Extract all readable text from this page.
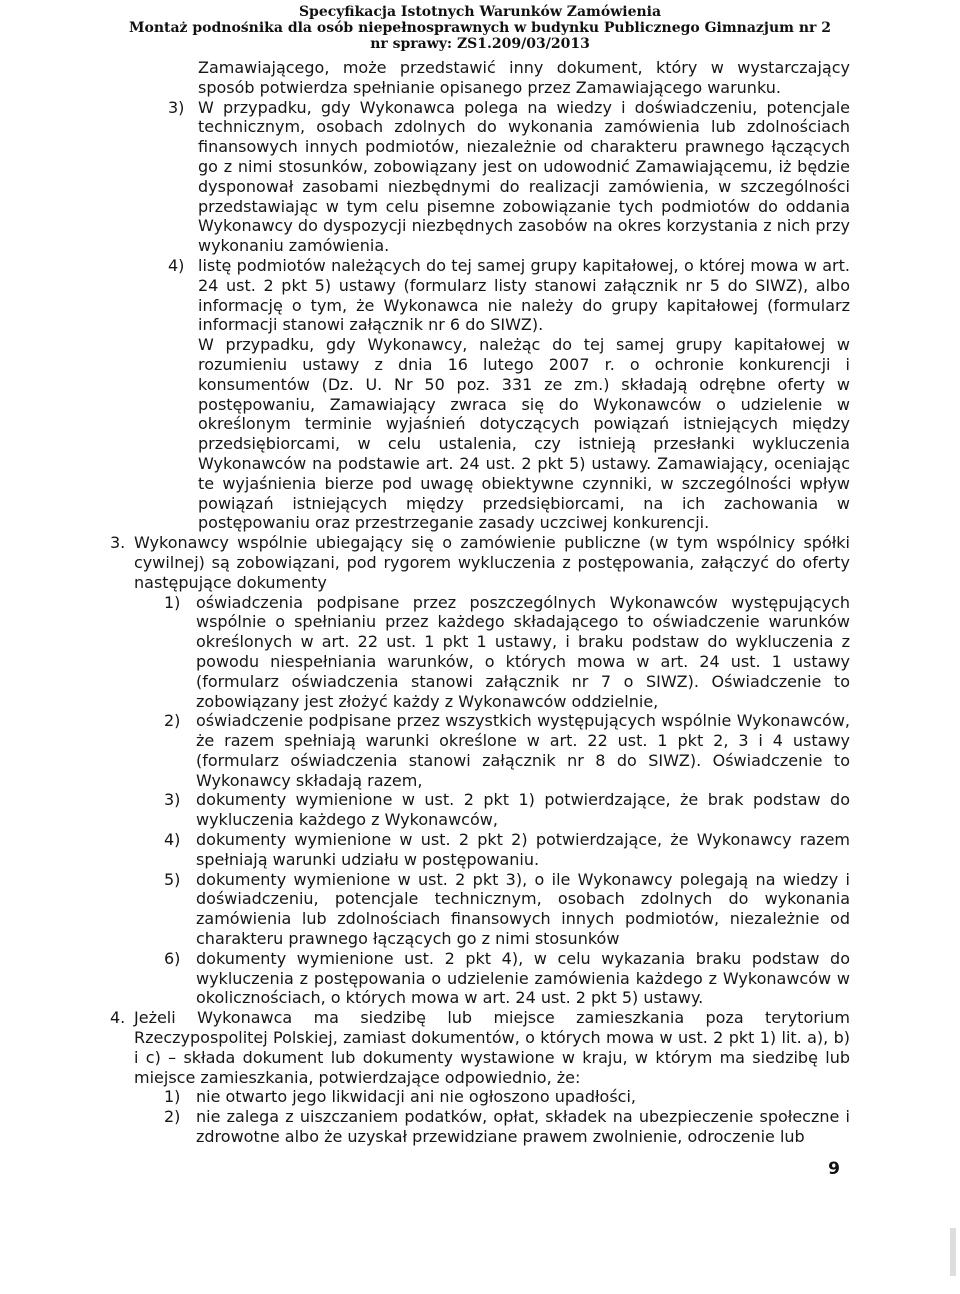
Specyfikacja Istotnych Warunków Zamówienia
Montaż podnośnika dla osób niepełnosprawnych w budynku Publicznego Gimnazjum nr 2
nr sprawy: ZS1.209/03/2013

Zamawiającego, może przedstawić inny dokument, który w wystarczający sposób potwierdza spełnianie opisanego przez Zamawiającego warunku.

3) W przypadku, gdy Wykonawca polega na wiedzy i doświadczeniu, potencjale technicznym, osobach zdolnych do wykonania zamówienia lub zdolnościach finansowych innych podmiotów, niezależnie od charakteru prawnego łączących go z nimi stosunków, zobowiązany jest on udowodnić Zamawiającemu, iż będzie dysponował zasobami niezbędnymi do realizacji zamówienia, w szczególności przedstawiając w tym celu pisemne zobowiązanie tych podmiotów do oddania Wykonawcy do dyspozycji niezbędnych zasobów na okres korzystania z nich przy wykonaniu zamówienia.

4) listę podmiotów należących do tej samej grupy kapitałowej, o której mowa w art. 24 ust. 2 pkt 5) ustawy (formularz listy stanowi załącznik nr 5 do SIWZ), albo informację o tym, że Wykonawca nie należy do grupy kapitałowej (formularz informacji stanowi załącznik nr 6 do SIWZ).

W przypadku, gdy Wykonawcy, należąc do tej samej grupy kapitałowej w rozumieniu ustawy z dnia 16 lutego 2007 r. o ochronie konkurencji i konsumentów (Dz. U. Nr 50 poz. 331 ze zm.) składają odrębne oferty w postępowaniu, Zamawiający zwraca się do Wykonawców o udzielenie w określonym terminie wyjaśnień dotyczących powiązań istniejących między przedsiębiorcami, w celu ustalenia, czy istnieją przesłanki wykluczenia Wykonawców na podstawie art. 24 ust. 2 pkt 5) ustawy. Zamawiający, oceniając te wyjaśnienia bierze pod uwagę obiektywne czynniki, w szczególności wpływ powiązań istniejących między przedsiębiorcami, na ich zachowania w postępowaniu oraz przestrzeganie zasady uczciwej konkurencji.

3. Wykonawcy wspólnie ubiegający się o zamówienie publiczne (w tym wspólnicy spółki cywilnej) są zobowiązani, pod rygorem wykluczenia z postępowania, załączyć do oferty następujące dokumenty

1) oświadczenia podpisane przez poszczególnych Wykonawców występujących wspólnie o spełnianiu przez każdego składającego to oświadczenie warunków określonych w art. 22 ust. 1 pkt 1 ustawy, i braku podstaw do wykluczenia z powodu niespełniania warunków, o których mowa w art. 24 ust. 1 ustawy (formularz oświadczenia stanowi załącznik nr 7 o SIWZ). Oświadczenie to zobowiązany jest złożyć każdy z Wykonawców oddzielnie,

2) oświadczenie podpisane przez wszystkich występujących wspólnie Wykonawców, że razem spełniają warunki określone w art. 22 ust. 1 pkt 2, 3 i 4 ustawy (formularz oświadczenia stanowi załącznik nr 8 do SIWZ). Oświadczenie to Wykonawcy składają razem,

3) dokumenty wymienione w ust. 2 pkt 1) potwierdzające, że brak podstaw do wykluczenia każdego z Wykonawców,

4) dokumenty wymienione w ust. 2 pkt 2) potwierdzające, że Wykonawcy razem spełniają warunki udziału w postępowaniu.

5) dokumenty wymienione w ust. 2 pkt 3), o ile Wykonawcy polegają na wiedzy i doświadczeniu, potencjale technicznym, osobach zdolnych do wykonania zamówienia lub zdolnościach finansowych innych podmiotów, niezależnie od charakteru prawnego łączących go z nimi stosunków

6) dokumenty wymienione ust. 2 pkt 4), w celu wykazania braku podstaw do wykluczenia z postępowania o udzielenie zamówienia każdego z Wykonawców w okolicznościach, o których mowa w art. 24 ust. 2 pkt 5) ustawy.

4. Jeżeli Wykonawca ma siedzibę lub miejsce zamieszkania poza terytorium Rzeczypospolitej Polskiej, zamiast dokumentów, o których mowa w ust. 2 pkt 1) lit. a), b) i c) – składa dokument lub dokumenty wystawione w kraju, w którym ma siedzibę lub miejsce zamieszkania, potwierdzające odpowiednio, że:

1) nie otwarto jego likwidacji ani nie ogłoszono upadłości,

2) nie zalega z uiszczaniem podatków, opłat, składek na ubezpieczenie społeczne i zdrowotne albo że uzyskał przewidziane prawem zwolnienie, odroczenie lub

9
